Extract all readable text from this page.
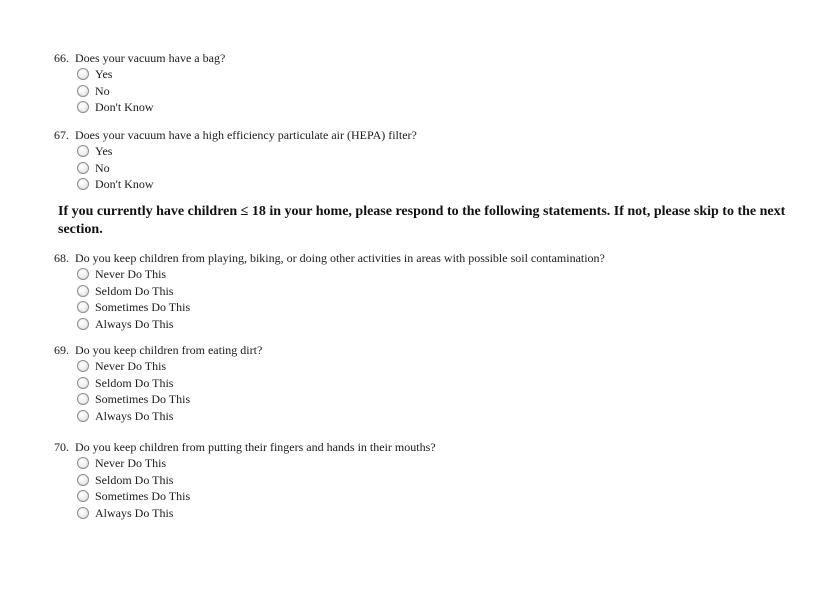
66. Does your vacuum have a bag?
Yes
No
Don't Know
67. Does your vacuum have a high efficiency particulate air (HEPA) filter?
Yes
No
Don't Know
If you currently have children ≤ 18 in your home, please respond to the following statements. If not, please skip to the next section.
68. Do you keep children from playing, biking, or doing other activities in areas with possible soil contamination?
Never Do This
Seldom Do This
Sometimes Do This
Always Do This
69. Do you keep children from eating dirt?
Never Do This
Seldom Do This
Sometimes Do This
Always Do This
70. Do you keep children from putting their fingers and hands in their mouths?
Never Do This
Seldom Do This
Sometimes Do This
Always Do This
